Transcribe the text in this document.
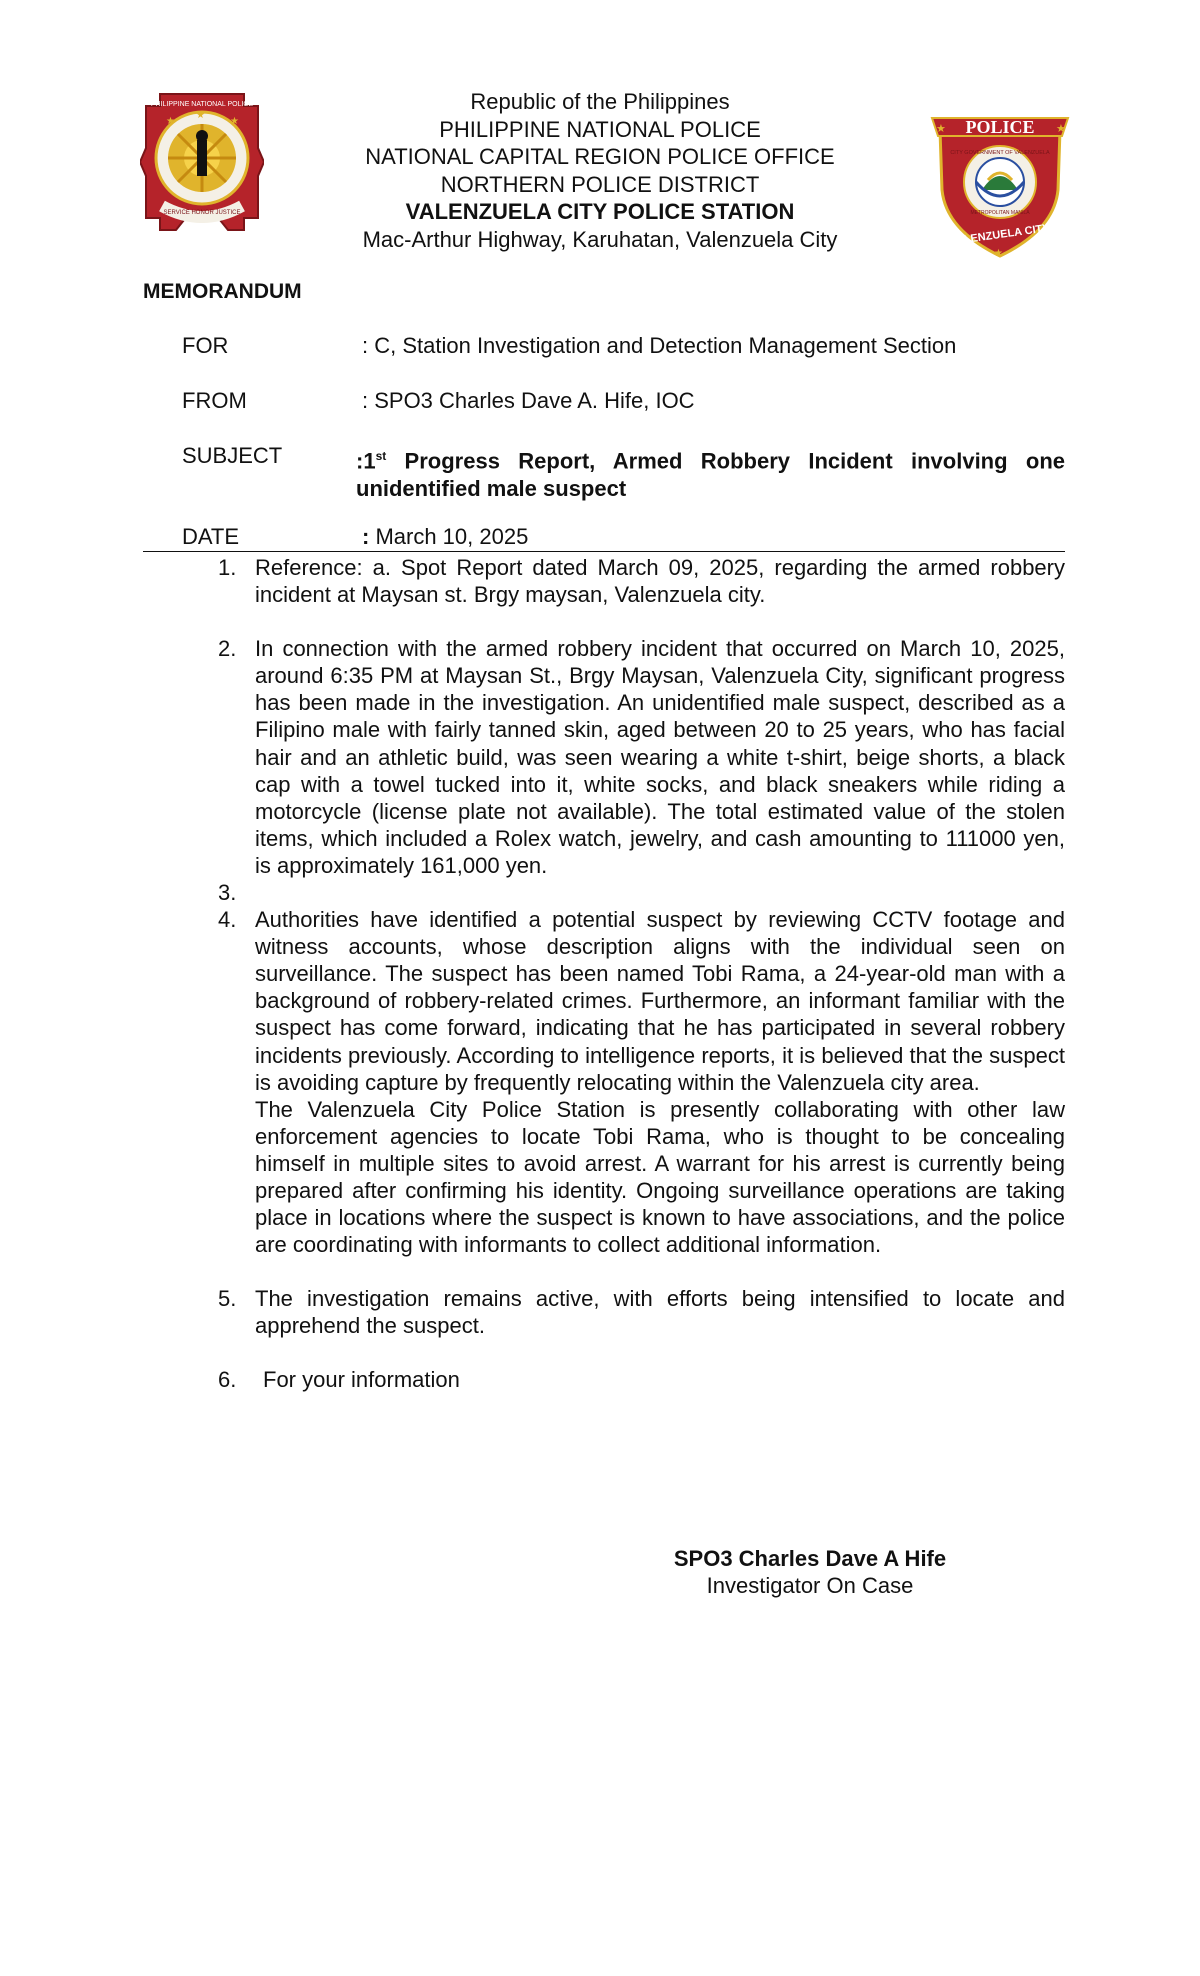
PHILIPPINE NATIONAL POLICE
SERVICE HONOR JUSTICE
★	★
★
POLICE
★	★
CITY GOVERNMENT OF VALENZUELA
VALENZUELA CITY
METROPOLITAN MANILA
★
Republic of the Philippines
PHILIPPINE NATIONAL POLICE
NATIONAL CAPITAL REGION POLICE OFFICE
NORTHERN POLICE DISTRICT
VALENZUELA CITY POLICE STATION
Mac-Arthur Highway, Karuhatan, Valenzuela City
MEMORANDUM
FOR	: C, Station Investigation and Detection Management Section
FROM	: SPO3 Charles Dave A. Hife, IOC
SUBJECT	:1st Progress Report, Armed Robbery Incident involving one unidentified male suspect
DATE	: March 10, 2025
1. Reference: a. Spot Report dated March 09, 2025, regarding the armed robbery incident at Maysan st. Brgy maysan, Valenzuela city.

2. In connection with the armed robbery incident that occurred on March 10, 2025, around 6:35 PM at Maysan St., Brgy Maysan, Valenzuela City, significant progress has been made in the investigation. An unidentified male suspect, described as a Filipino male with fairly tanned skin, aged between 20 to 25 years, who has facial hair and an athletic build, was seen wearing a white t-shirt, beige shorts, a black cap with a towel tucked into it, white socks, and black sneakers while riding a motorcycle (license plate not available). The total estimated value of the stolen items, which included a Rolex watch, jewelry, and cash amounting to 111000 yen, is approximately 161,000 yen.

3.
4. Authorities have identified a potential suspect by reviewing CCTV footage and witness accounts, whose description aligns with the individual seen on surveillance. The suspect has been named Tobi Rama, a 24-year-old man with a background of robbery-related crimes. Furthermore, an informant familiar with the suspect has come forward, indicating that he has participated in several robbery incidents previously. According to intelligence reports, it is believed that the suspect is avoiding capture by frequently relocating within the Valenzuela city area.

The Valenzuela City Police Station is presently collaborating with other law enforcement agencies to locate Tobi Rama, who is thought to be concealing himself in multiple sites to avoid arrest. A warrant for his arrest is currently being prepared after confirming his identity. Ongoing surveillance operations are taking place in locations where the suspect is known to have associations, and the police are coordinating with informants to collect additional information.

5. The investigation remains active, with efforts being intensified to locate and apprehend the suspect.

6.	For your information

SPO3 Charles Dave A Hife
Investigator On Case
